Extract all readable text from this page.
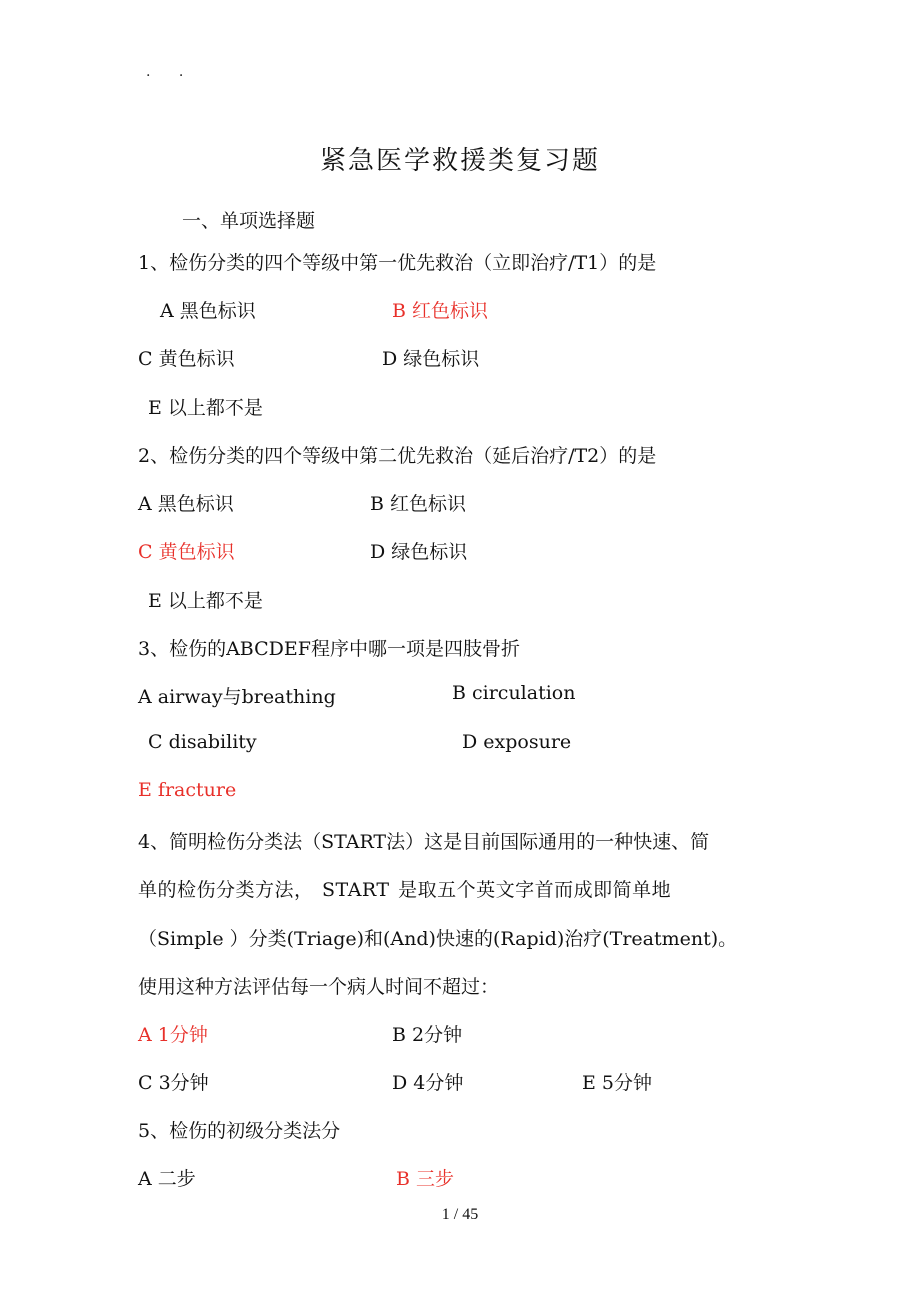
. .
紧急医学救援类复习题
一、单项选择题
1、检伤分类的四个等级中第一优先救治（立即治疗/T1）的是
A 黑色标识	B 红色标识
C 黄色标识	D 绿色标识
E 以上都不是
2、检伤分类的四个等级中第二优先救治（延后治疗/T2）的是
A 黑色标识	B 红色标识
C 黄色标识	D 绿色标识
E 以上都不是
3、检伤的ABCDEF程序中哪一项是四肢骨折
A airway与breathing	B circulation
C disability	D exposure
E fracture
4、简明检伤分类法（START法）这是目前国际通用的一种快速、简
单的检伤分类方法， START 是取五个英文字首而成即简单地
（Simple ）分类(Triage)和(And)快速的(Rapid)治疗(Treatment)。
使用这种方法评估每一个病人时间不超过：
A 1分钟	B 2分钟
C 3分钟	D 4分钟	E 5分钟
5、检伤的初级分类法分
A 二步	B 三步
1 / 45
